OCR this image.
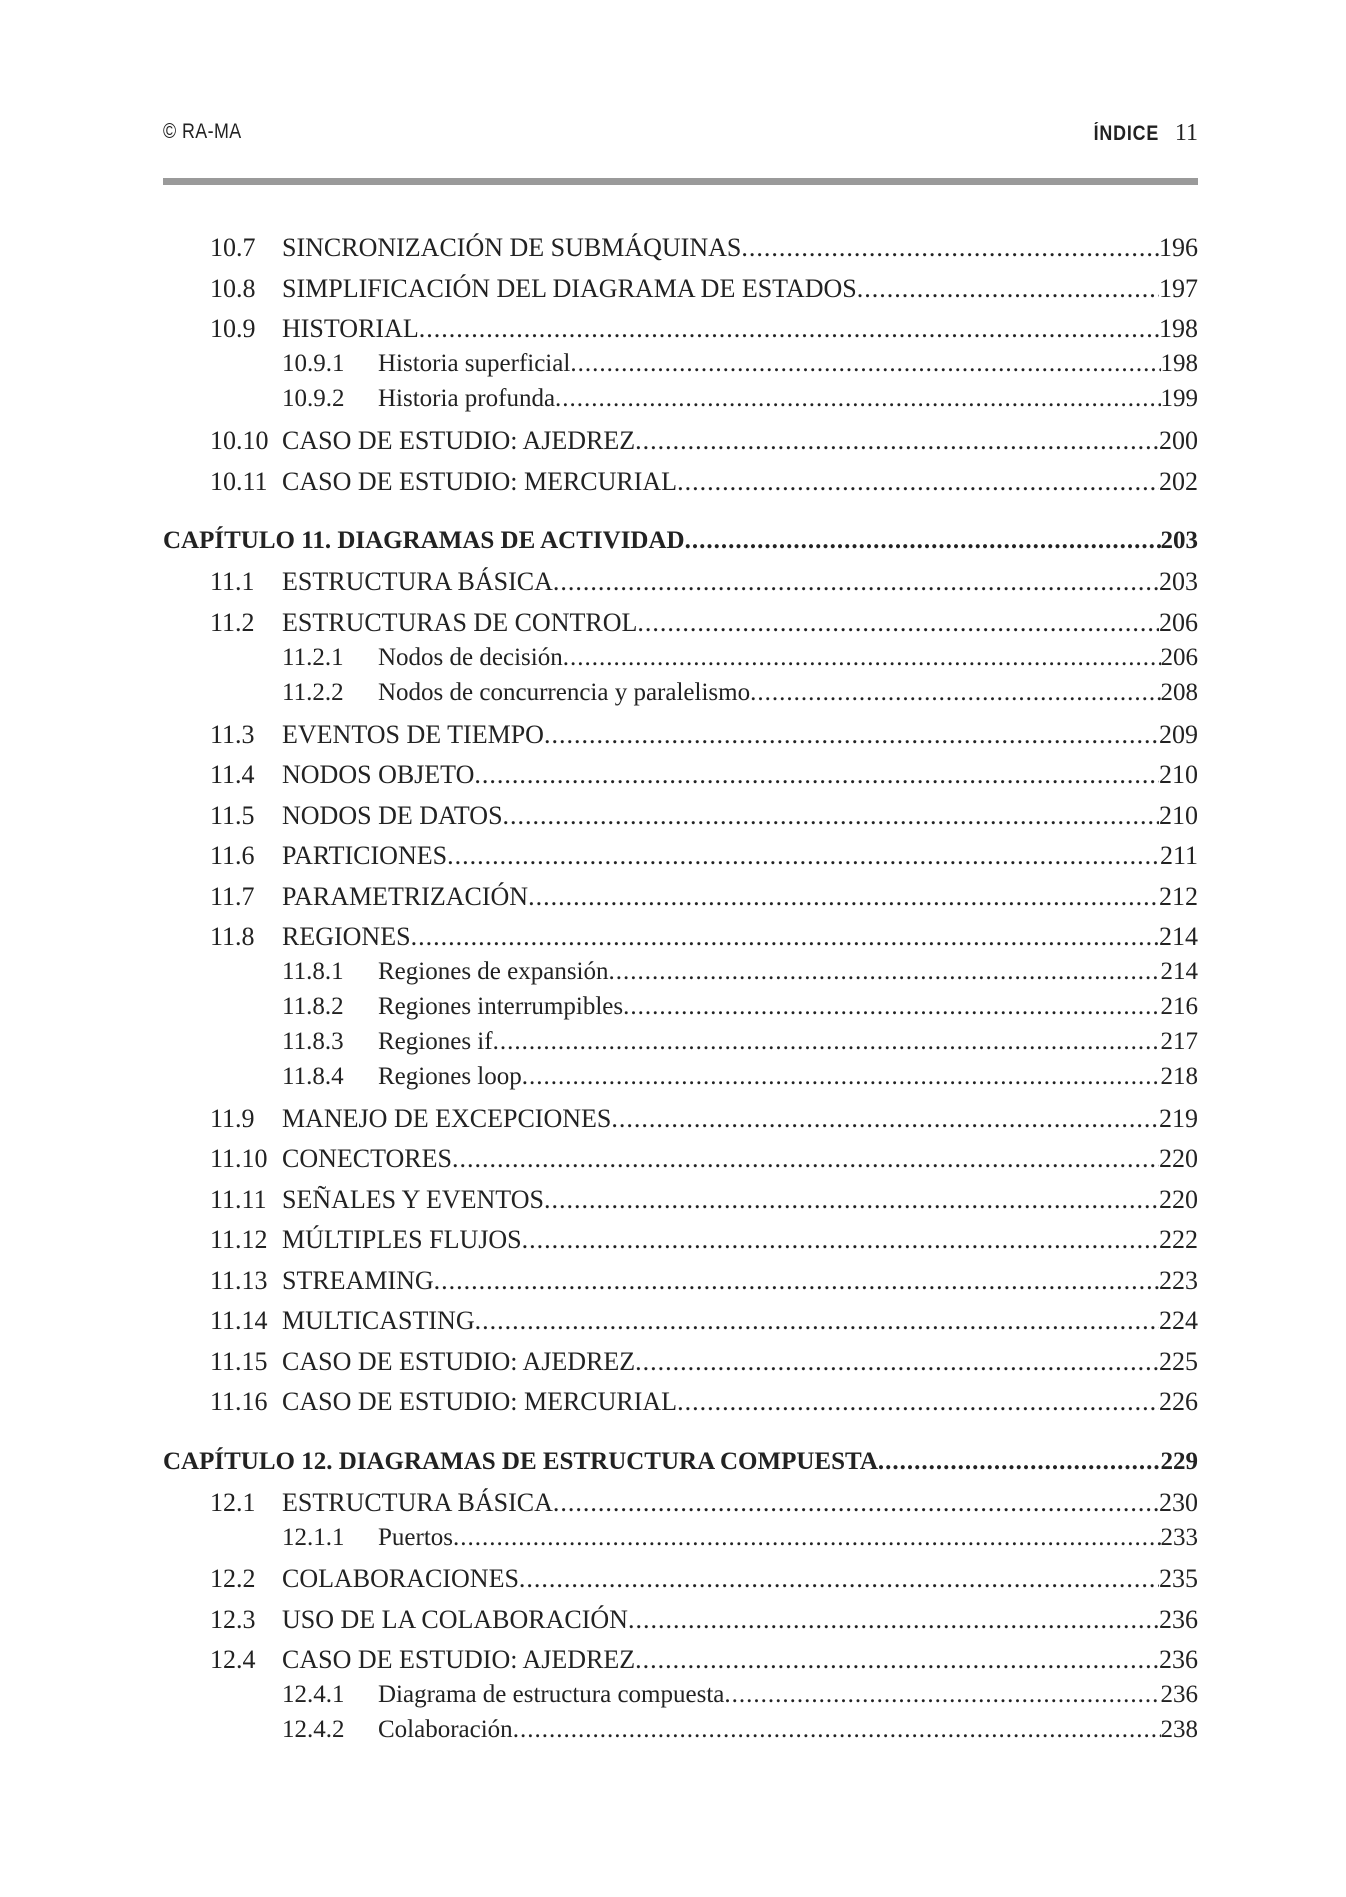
© RA-MA	ÍNDICE 11
10.7	SINCRONIZACIÓN DE SUBMÁQUINAS .....	196
10.8	SIMPLIFICACIÓN DEL DIAGRAMA DE ESTADOS .....	197
10.9	HISTORIAL .....	198
10.9.1	Historia superficial .....	198
10.9.2	Historia profunda .....	199
10.10 CASO DE ESTUDIO: AJEDREZ .....	200
10.11 CASO DE ESTUDIO: MERCURIAL .....	202
CAPÍTULO 11. DIAGRAMAS DE ACTIVIDAD .....	203
11.1	ESTRUCTURA BÁSICA .....	203
11.2	ESTRUCTURAS DE CONTROL .....	206
11.2.1	Nodos de decisión .....	206
11.2.2	Nodos de concurrencia y paralelismo .....	208
11.3	EVENTOS DE TIEMPO .....	209
11.4	NODOS OBJETO .....	210
11.5	NODOS DE DATOS .....	210
11.6	PARTICIONES .....	211
11.7	PARAMETRIZACIÓN .....	212
11.8	REGIONES .....	214
11.8.1	Regiones de expansión .....	214
11.8.2	Regiones interrumpibles .....	216
11.8.3	Regiones if .....	217
11.8.4	Regiones loop .....	218
11.9	MANEJO DE EXCEPCIONES .....	219
11.10 CONECTORES .....	220
11.11 SEÑALES Y EVENTOS .....	220
11.12 MÚLTIPLES FLUJOS .....	222
11.13 STREAMING .....	223
11.14 MULTICASTING .....	224
11.15 CASO DE ESTUDIO: AJEDREZ .....	225
11.16 CASO DE ESTUDIO: MERCURIAL .....	226
CAPÍTULO 12. DIAGRAMAS DE ESTRUCTURA COMPUESTA .....	229
12.1	ESTRUCTURA BÁSICA .....	230
12.1.1	Puertos .....	233
12.2	COLABORACIONES .....	235
12.3	USO DE LA COLABORACIÓN .....	236
12.4	CASO DE ESTUDIO: AJEDREZ .....	236
12.4.1	Diagrama de estructura compuesta .....	236
12.4.2	Colaboración .....	238
